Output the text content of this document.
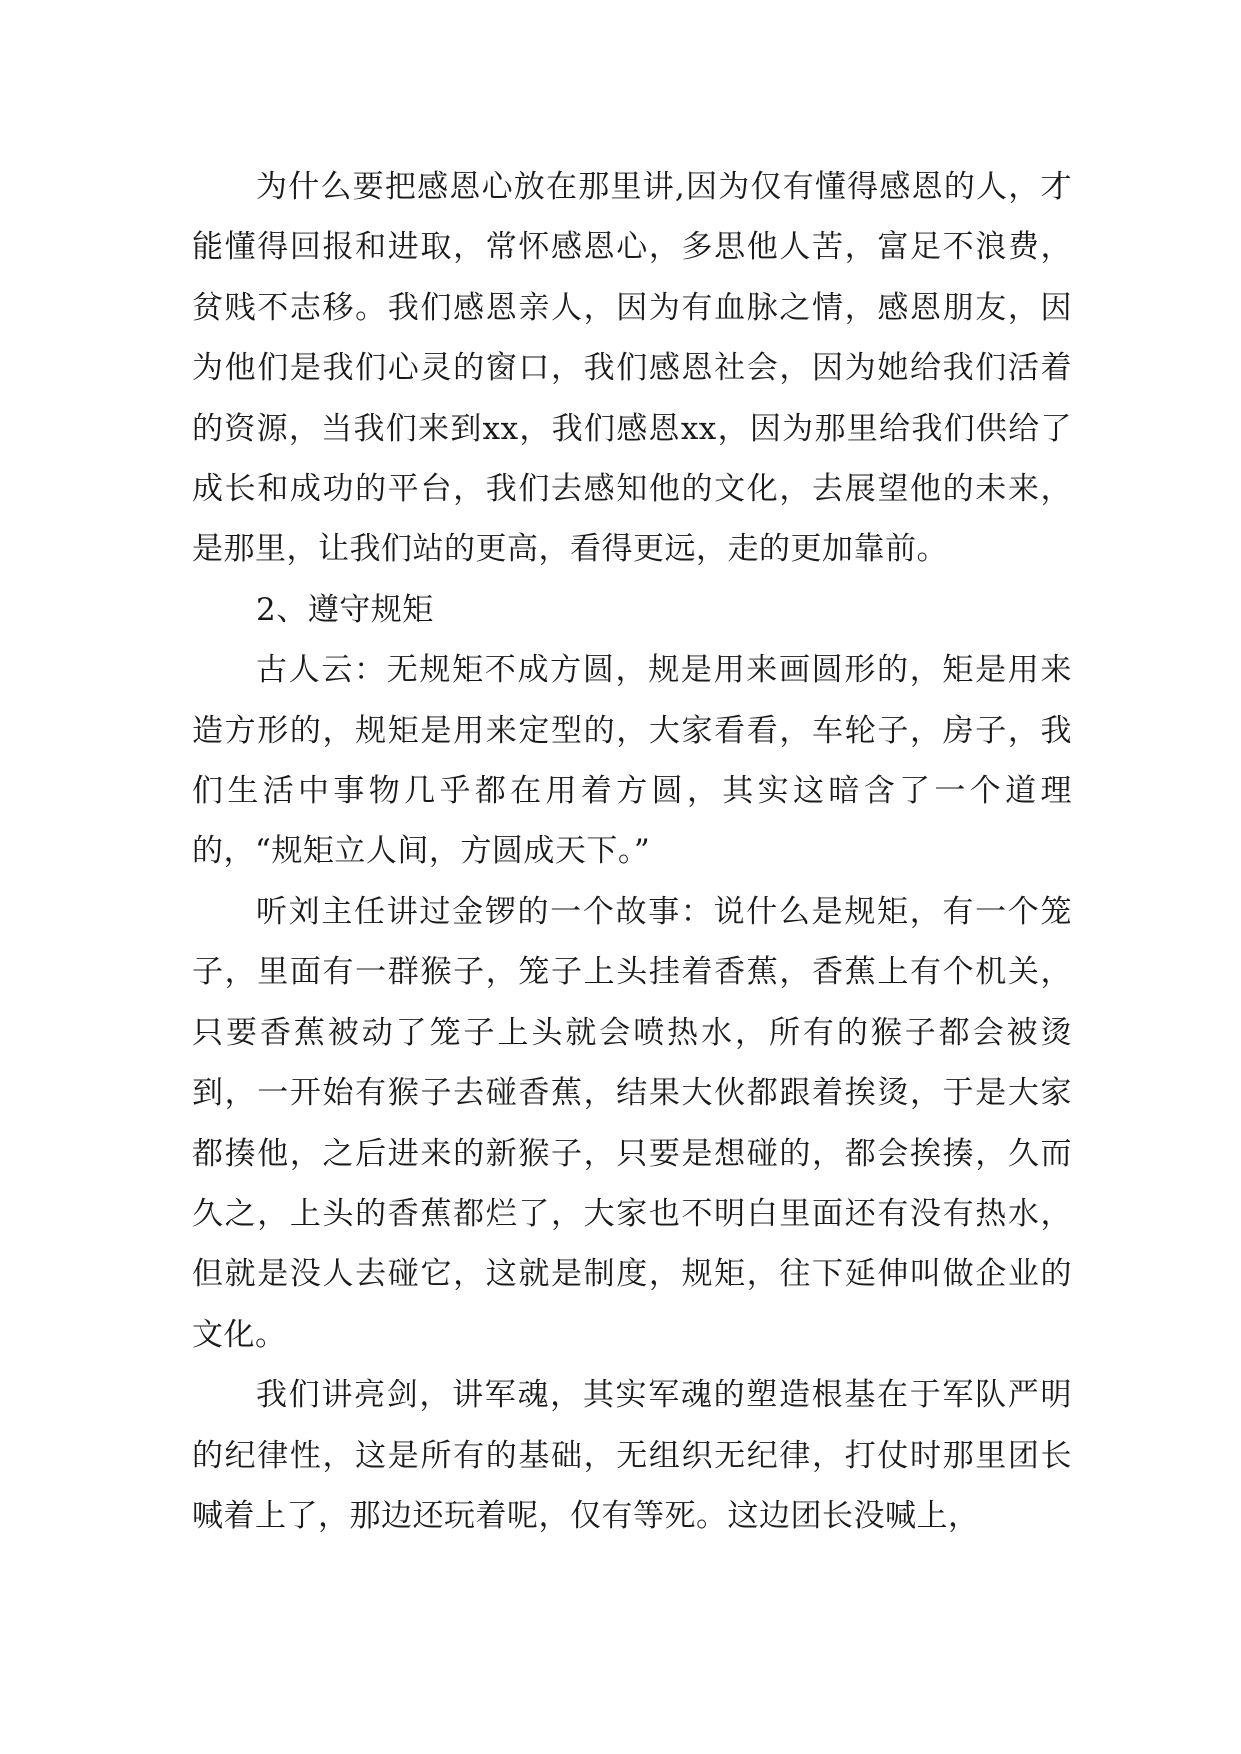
为什么要把感恩心放在那里讲,因为仅有懂得感恩的人，才能懂得回报和进取，常怀感恩心，多思他人苦，富足不浪费，贫贱不志移。我们感恩亲人，因为有血脉之情，感恩朋友，因为他们是我们心灵的窗口，我们感恩社会，因为她给我们活着的资源，当我们来到xx，我们感恩xx，因为那里给我们供给了成长和成功的平台，我们去感知他的文化，去展望他的未来，是那里，让我们站的更高，看得更远，走的更加靠前。

2、遵守规矩

古人云：无规矩不成方圆，规是用来画圆形的，矩是用来造方形的，规矩是用来定型的，大家看看，车轮子，房子，我们生活中事物几乎都在用着方圆，其实这暗含了一个道理的，“规矩立人间，方圆成天下。”

听刘主任讲过金锣的一个故事：说什么是规矩，有一个笼子，里面有一群猴子，笼子上头挂着香蕉，香蕉上有个机关，只要香蕉被动了笼子上头就会喷热水，所有的猴子都会被烫到，一开始有猴子去碰香蕉，结果大伙都跟着挨烫，于是大家都揍他，之后进来的新猴子，只要是想碰的，都会挨揍，久而久之，上头的香蕉都烂了，大家也不明白里面还有没有热水，但就是没人去碰它，这就是制度，规矩，往下延伸叫做企业的文化。

我们讲亮剑，讲军魂，其实军魂的塑造根基在于军队严明的纪律性，这是所有的基础，无组织无纪律，打仗时那里团长喊着上了，那边还玩着呢，仅有等死。这边团长没喊上，
